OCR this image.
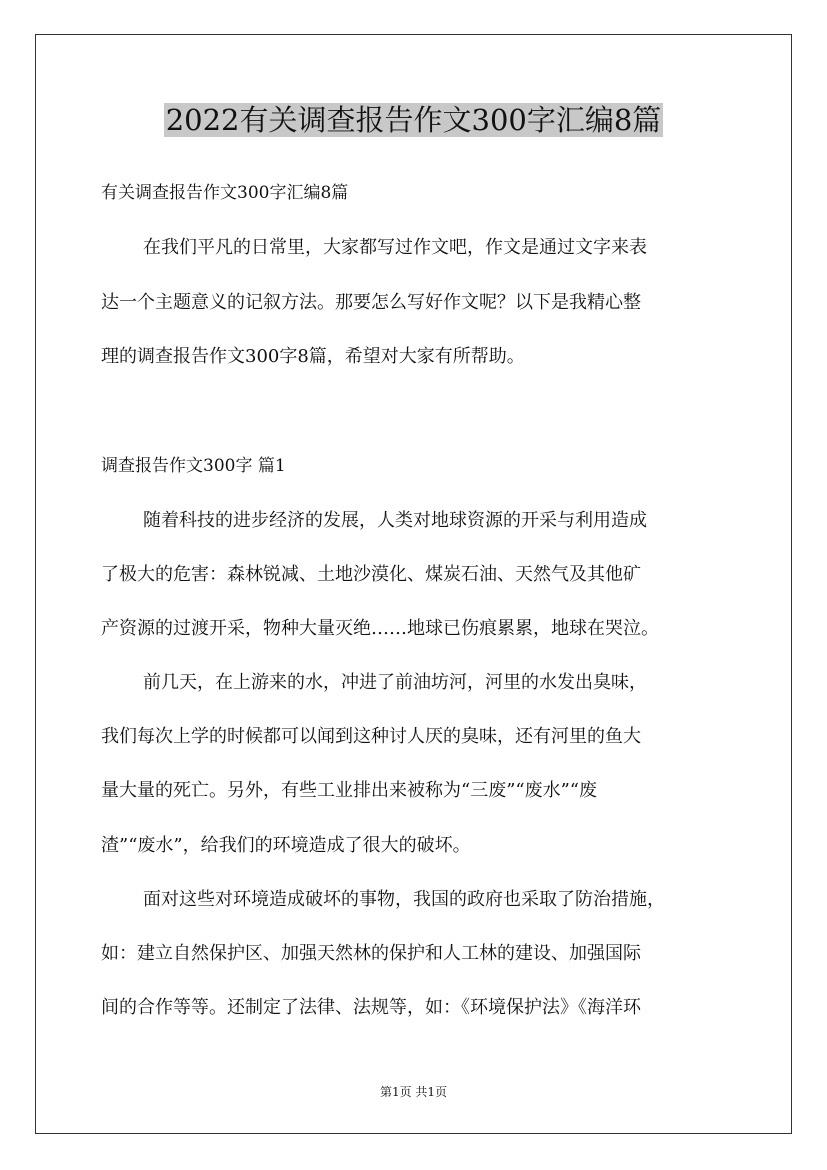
2022有关调查报告作文300字汇编8篇

有关调查报告作文300字汇编8篇

在我们平凡的日常里，大家都写过作文吧，作文是通过文字来表

达一个主题意义的记叙方法。那要怎么写好作文呢？以下是我精心整

理的调查报告作文300字8篇，希望对大家有所帮助。

调查报告作文300字 篇1

随着科技的进步经济的发展，人类对地球资源的开采与利用造成

了极大的危害：森林锐减、土地沙漠化、煤炭石油、天然气及其他矿

产资源的过渡开采，物种大量灭绝……地球已伤痕累累，地球在哭泣。

前几天，在上游来的水，冲进了前油坊河，河里的水发出臭味，

我们每次上学的时候都可以闻到这种讨人厌的臭味，还有河里的鱼大

量大量的死亡。另外，有些工业排出来被称为“三废”“废水”“废

渣”“废水”，给我们的环境造成了很大的破坏。

面对这些对环境造成破坏的事物，我国的政府也采取了防治措施，

如：建立自然保护区、加强天然林的保护和人工林的建设、加强国际

间的合作等等。还制定了法律、法规等，如：《环境保护法》《海洋环

第1页 共1页
